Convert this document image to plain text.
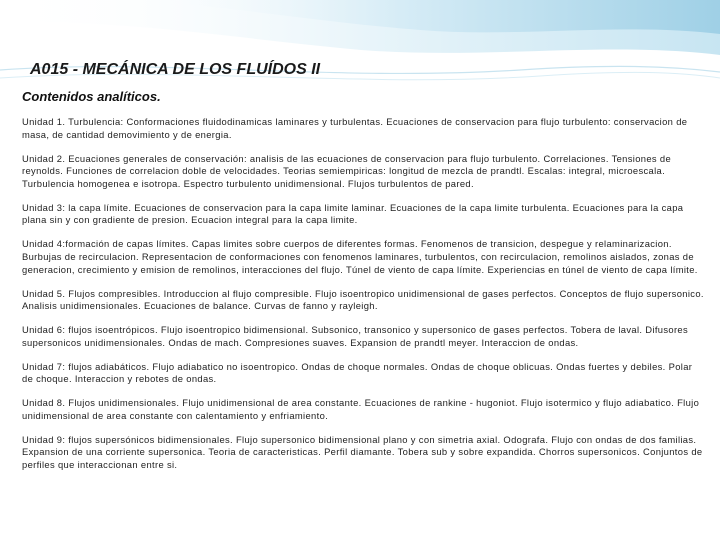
A015 - MECÁNICA DE LOS FLUÍDOS II
Contenidos analíticos.

Unidad 1. Turbulencia: Conformaciones fluidodinamicas laminares y turbulentas. Ecuaciones de conservacion para flujo turbulento: conservacion de masa, de cantidad demovimiento y de energia.

Unidad 2. Ecuaciones generales de conservación: analisis de las ecuaciones de conservacion para flujo turbulento. Correlaciones. Tensiones de reynolds. Funciones de correlacion doble de velocidades. Teorias semiempiricas: longitud de mezcla de prandtl. Escalas: integral, microescala. Turbulencia homogenea e isotropa. Espectro turbulento unidimensional. Flujos turbulentos de pared.

Unidad 3: la capa límite. Ecuaciones de conservacion para la capa limite laminar. Ecuaciones de la capa limite turbulenta. Ecuaciones para la capa plana sin y con gradiente de presion. Ecuacion integral para la capa limite.

Unidad 4:formación de capas límites. Capas limites sobre cuerpos de diferentes formas. Fenomenos de transicion, despegue y relaminarizacion. Burbujas de recirculacion. Representacion de conformaciones con fenomenos laminares, turbulentos, con recirculacion, remolinos aislados, zonas de generacion, crecimiento y emision de remolinos, interacciones del flujo. Túnel de viento de capa límite. Experiencias en túnel de viento de capa límite.

Unidad 5. Flujos compresibles. Introduccion al flujo compresible. Flujo isoentropico unidimensional de gases perfectos. Conceptos de flujo supersonico. Analisis unidimensionales. Ecuaciones de balance. Curvas de fanno y rayleigh.

Unidad 6: flujos isoentrópicos. Flujo isoentropico bidimensional. Subsonico, transonico y supersonico de gases perfectos. Tobera de laval. Difusores supersonicos unidimensionales. Ondas de mach. Compresiones suaves. Expansion de prandtl meyer. Interaccion de ondas.

Unidad 7: flujos adiabáticos. Flujo adiabatico no isoentropico. Ondas de choque normales. Ondas de choque oblicuas. Ondas fuertes y debiles. Polar de choque. Interaccion y rebotes de ondas.

Unidad 8. Flujos unidimensionales. Flujo unidimensional de area constante. Ecuaciones de rankine - hugoniot. Flujo isotermico y flujo adiabatico. Flujo unidimensional de area constante con calentamiento y enfriamiento.

Unidad 9: flujos supersónicos bidimensionales. Flujo supersonico bidimensional plano y con simetria axial. Odografa. Flujo con ondas de dos familias. Expansion de una corriente supersonica. Teoria de caracteristicas. Perfil diamante. Tobera sub y sobre expandida. Chorros supersonicos. Conjuntos de perfiles que interaccionan entre si.
